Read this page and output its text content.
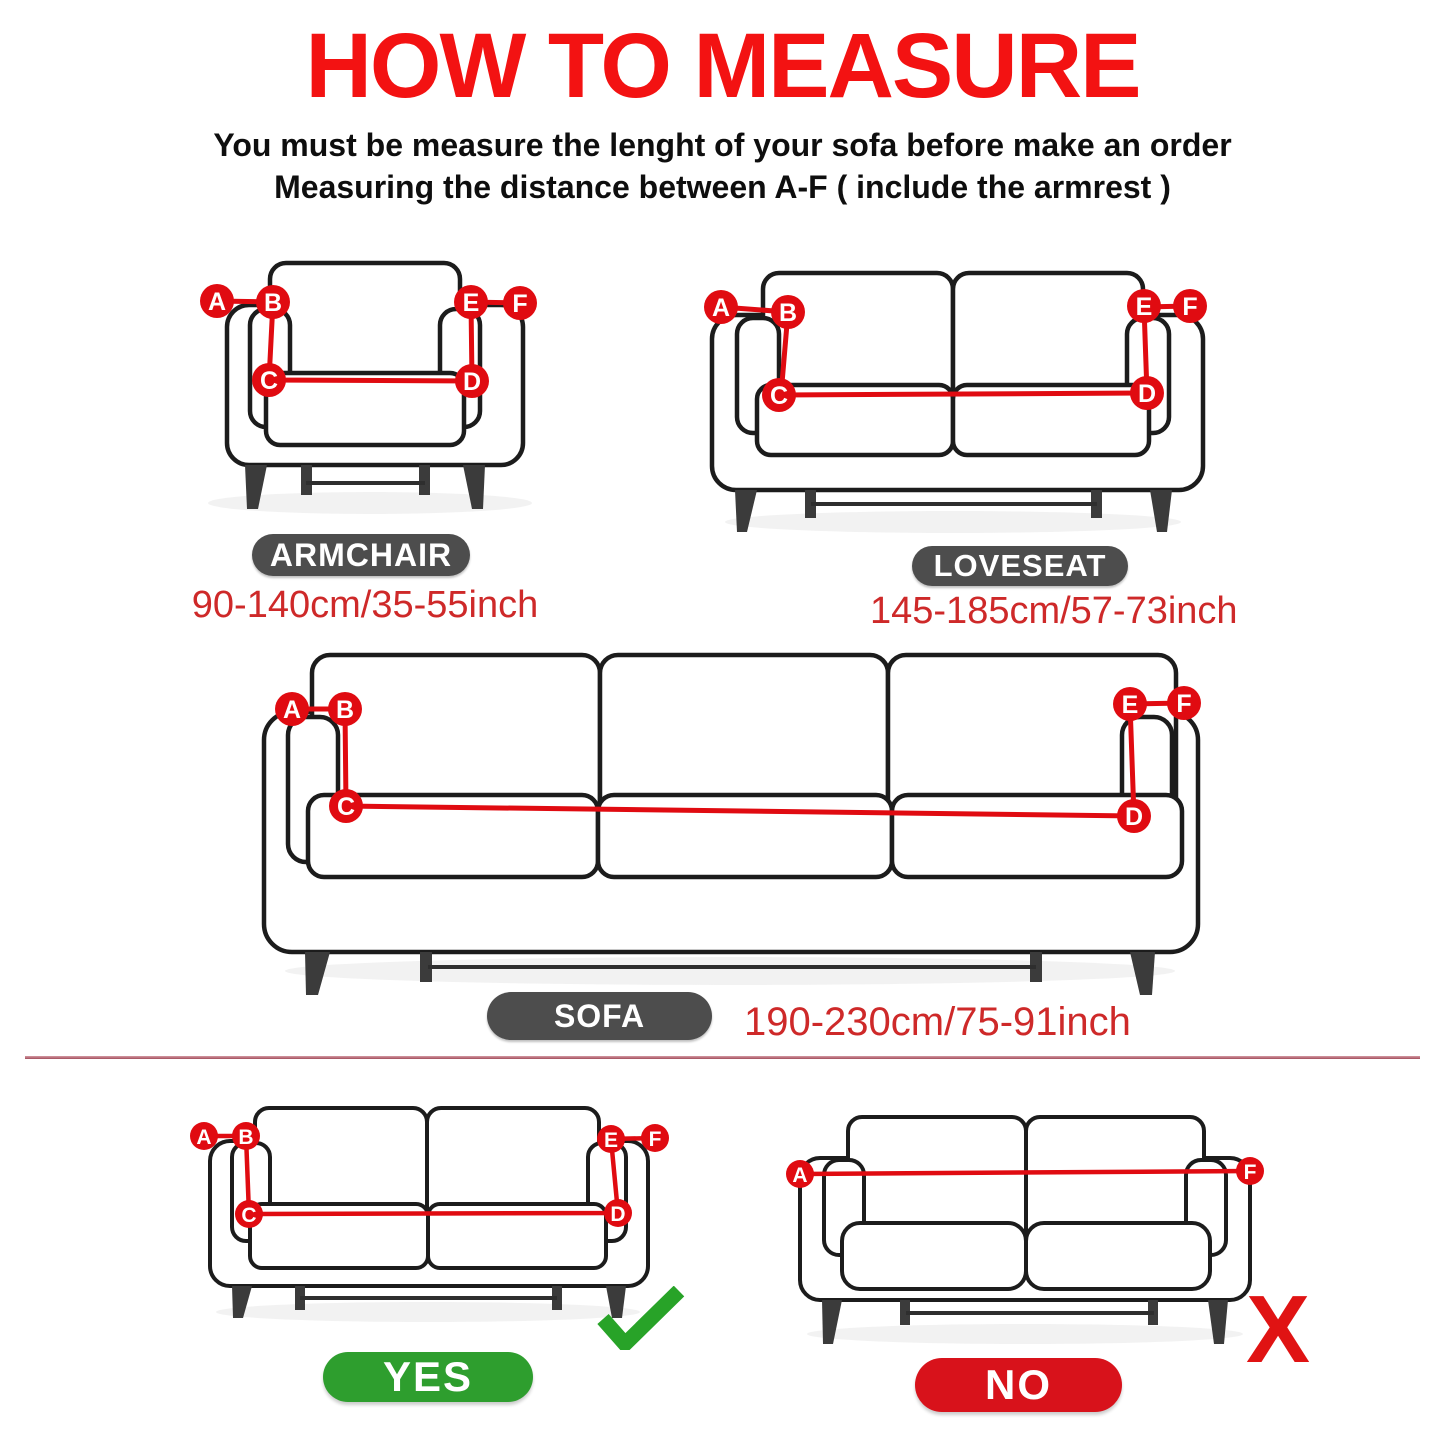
HOW TO MEASURE
You must be measure the lenght of your sofa before make an order
Measuring the distance between A-F ( include the armrest )
A B
C	D
E F
ARMCHAIR
90-140cm/35-55inch
A B
C	D
E F
LOVESEAT
145-185cm/57-73inch
A B
C	D
E F
SOFA	190-230cm/75-91inch
A B
C	D
E F
YES
A	F
X
NO
